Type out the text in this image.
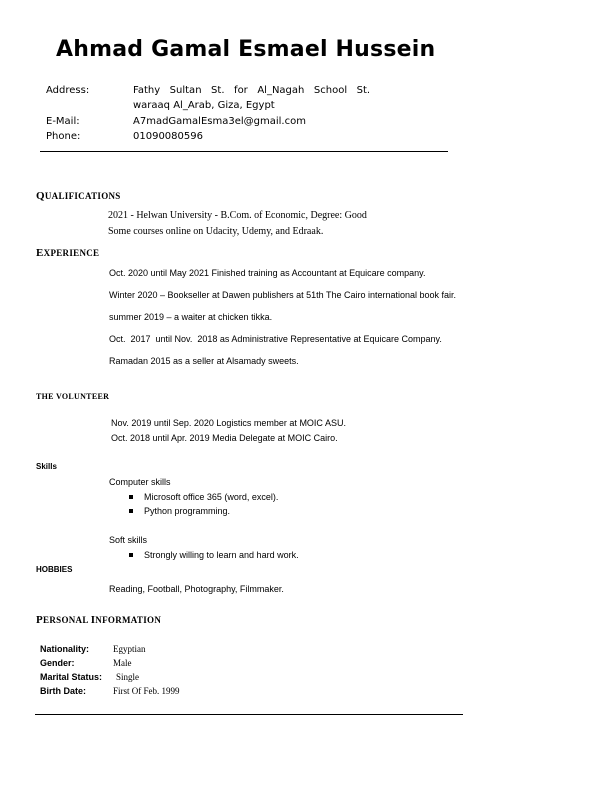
Ahmad Gamal Esmael Hussein
Address:	Fathy   Sultan   St.   for   Al_Nagah   School   St.
waraaq Al_Arab, Giza, Egypt
E-Mail:	A7madGamalEsma3el@gmail.com
Phone:	01090080596
QUALIFICATIONS
2021 - Helwan University - B.Com. of Economic, Degree: Good
Some courses online on Udacity, Udemy, and Edraak.
EXPERIENCE
Oct. 2020 until May 2021 Finished training as Accountant at Equicare company.
Winter 2020 – Bookseller at Dawen publishers at 51th The Cairo international book fair.
summer 2019 – a waiter at chicken tikka.
Oct.  2017  until Nov.  2018 as Administrative Representative at Equicare Company.
Ramadan 2015 as a seller at Alsamady sweets.
THE VOLUNTEER
Nov. 2019 until Sep. 2020 Logistics member at MOIC ASU.
Oct. 2018 until Apr. 2019 Media Delegate at MOIC Cairo.
Skills
Computer skills
Microsoft office 365 (word, excel).
Python programming.
Soft skills
Strongly willing to learn and hard work.
HOBBIES
Reading, Football, Photography, Filmmaker.
PERSONAL INFORMATION
Nationality:	Egyptian
Gender:	Male
Marital Status: Single
Birth Date:	First Of Feb. 1999
